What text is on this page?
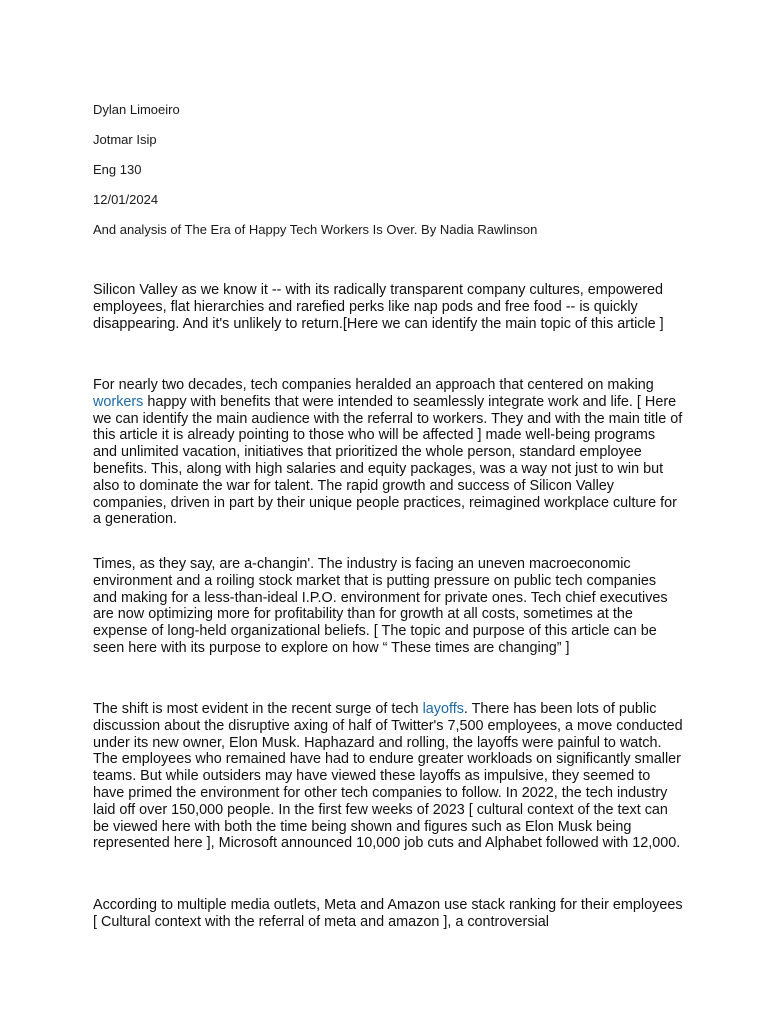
Dylan Limoeiro
Jotmar Isip
Eng 130
12/01/2024
And analysis of The Era of Happy Tech Workers Is Over. By Nadia Rawlinson

Silicon Valley as we know it -- with its radically transparent company cultures, empowered employees, flat hierarchies and rarefied perks like nap pods and free food -- is quickly disappearing. And it's unlikely to return.[Here we can identify the main topic of this article ]

For nearly two decades, tech companies heralded an approach that centered on making workers happy with benefits that were intended to seamlessly integrate work and life. [ Here we can identify the main audience with the referral to workers. They and with the main title of this article it is already pointing to those who will be affected ] made well-being programs and unlimited vacation, initiatives that prioritized the whole person, standard employee benefits. This, along with high salaries and equity packages, was a way not just to win but also to dominate the war for talent. The rapid growth and success of Silicon Valley companies, driven in part by their unique people practices, reimagined workplace culture for a generation.

Times, as they say, are a-changin'. The industry is facing an uneven macroeconomic environment and a roiling stock market that is putting pressure on public tech companies and making for a less-than-ideal I.P.O. environment for private ones. Tech chief executives are now optimizing more for profitability than for growth at all costs, sometimes at the expense of long-held organizational beliefs. [ The topic and purpose of this article can be seen here with its purpose to explore on how “ These times are changing” ]

The shift is most evident in the recent surge of tech layoffs. There has been lots of public discussion about the disruptive axing of half of Twitter's 7,500 employees, a move conducted under its new owner, Elon Musk. Haphazard and rolling, the layoffs were painful to watch. The employees who remained have had to endure greater workloads on significantly smaller teams. But while outsiders may have viewed these layoffs as impulsive, they seemed to have primed the environment for other tech companies to follow. In 2022, the tech industry laid off over 150,000 people. In the first few weeks of 2023 [ cultural context of the text can be viewed here with both the time being shown and figures such as Elon Musk being represented here ], Microsoft announced 10,000 job cuts and Alphabet followed with 12,000.

According to multiple media outlets, Meta and Amazon use stack ranking for their employees [ Cultural context with the referral of meta and amazon ], a controversial
